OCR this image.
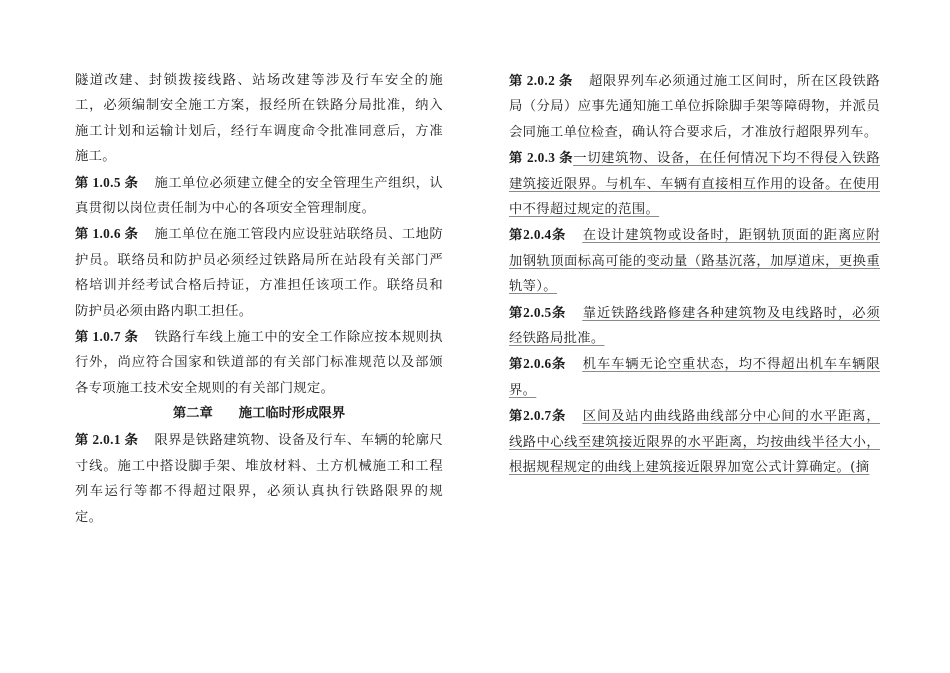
隧道改建、封锁拨接线路、站场改建等涉及行车安全的施工，必须编制安全施工方案，报经所在铁路分局批准，纳入施工计划和运输计划后，经行车调度命令批准同意后，方准施工。

第 1.0.5 条 施工单位必须建立健全的安全管理生产组织，认真贯彻以岗位责任制为中心的各项安全管理制度。

第 1.0.6 条 施工单位在施工管段内应设驻站联络员、工地防护员。联络员和防护员必须经过铁路局所在站段有关部门严格培训并经考试合格后持证，方准担任该项工作。联络员和防护员必须由路内职工担任。

第 1.0.7 条 铁路行车线上施工中的安全工作除应按本规则执行外，尚应符合国家和铁道部的有关部门标准规范以及部颁各专项施工技术安全规则的有关部门规定。

第二章 施工临时形成限界

第 2.0.1 条 限界是铁路建筑物、设备及行车、车辆的轮廓尺寸线。施工中搭设脚手架、堆放材料、土方机械施工和工程列车运行等都不得超过限界，必须认真执行铁路限界的规定。

第 2.0.2 条 超限界列车必须通过施工区间时，所在区段铁路局（分局）应事先通知施工单位拆除脚手架等障碍物，并派员会同施工单位检查，确认符合要求后，才准放行超限界列车。

第 2.0.3 条一切建筑物、设备，在任何情况下均不得侵入铁路建筑接近限界。与机车、车辆有直接相互作用的设备。在使用中不得超过规定的范围。

第2.0.4条 在设计建筑物或设备时，距钢轨顶面的距离应附加钢轨顶面标高可能的变动量（路基沉落，加厚道床，更换重轨等）。

第2.0.5条 靠近铁路线路修建各种建筑物及电线路时，必须经铁路局批准。

第2.0.6条 机车车辆无论空重状态，均不得超出机车车辆限界。

第2.0.7条 区间及站内曲线路曲线部分中心间的水平距离，线路中心线至建筑接近限界的水平距离，均按曲线半径大小，根据规程规定的曲线上建筑接近限界加宽公式计算确定。(摘
